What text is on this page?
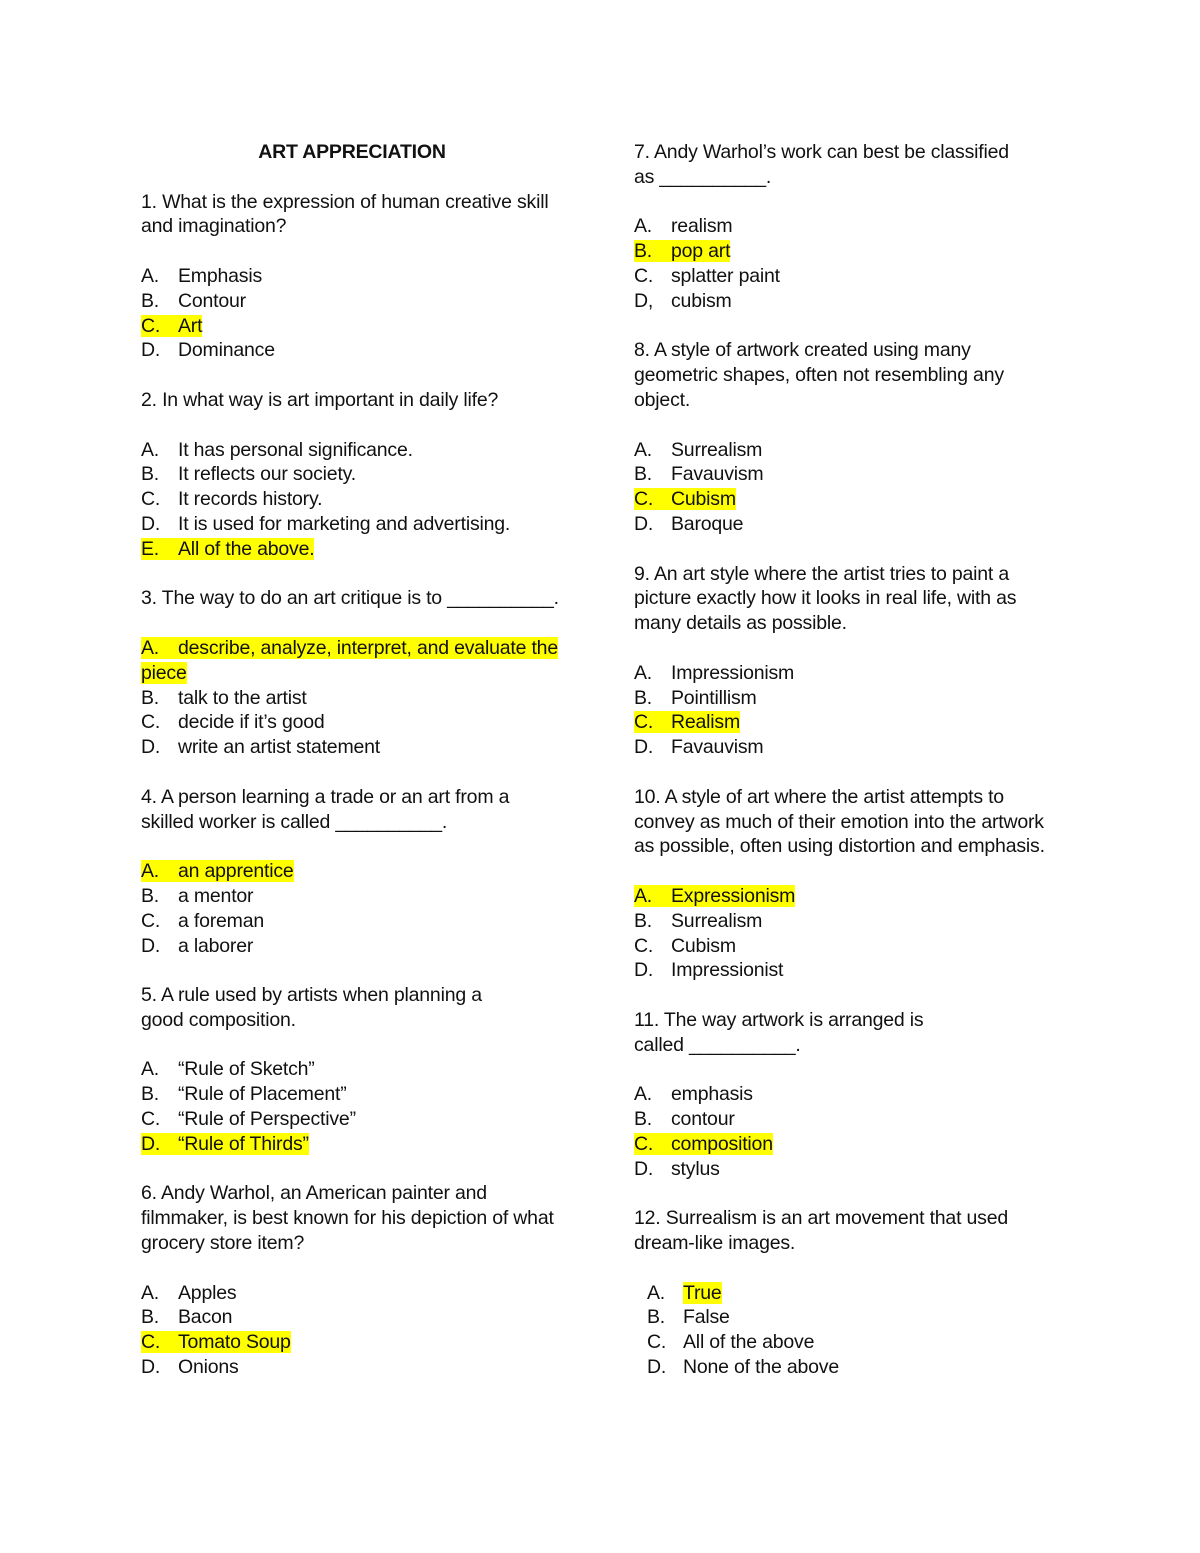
ART APPRECIATION
1. What is the expression of human creative skill and imagination?
A. Emphasis
B. Contour
C. Art
D. Dominance
2. In what way is art important in daily life?
A. It has personal significance.
B. It reflects our society.
C. It records history.
D. It is used for marketing and advertising.
E. All of the above.
3. The way to do an art critique is to __________.
A. describe, analyze, interpret, and evaluate the
piece
B. talk to the artist
C. decide if it’s good
D. write an artist statement
4. A person learning a trade or an art from a skilled worker is called __________.
A. an apprentice
B. a mentor
C. a foreman
D. a laborer
5. A rule used by artists when planning a good composition.
A. “Rule of Sketch”
B. “Rule of Placement”
C. “Rule of Perspective”
D. “Rule of Thirds”
6. Andy Warhol, an American painter and filmmaker, is best known for his depiction of what grocery store item?
A. Apples
B. Bacon
C. Tomato Soup
D. Onions
7. Andy Warhol’s work can best be classified as __________.
A. realism
B. pop art
C. splatter paint
D, cubism
8. A style of artwork created using many geometric shapes, often not resembling any object.
A. Surrealism
B. Favauvism
C. Cubism
D. Baroque
9. An art style where the artist tries to paint a picture exactly how it looks in real life, with as many details as possible.
A. Impressionism
B. Pointillism
C. Realism
D. Favauvism
10. A style of art where the artist attempts to convey as much of their emotion into the artwork as possible, often using distortion and emphasis.
A. Expressionism
B. Surrealism
C. Cubism
D. Impressionist
11. The way artwork is arranged is called __________.
A. emphasis
B. contour
C. composition
D. stylus
12. Surrealism is an art movement that used dream-like images.
A. True
B. False
C. All of the above
D. None of the above
